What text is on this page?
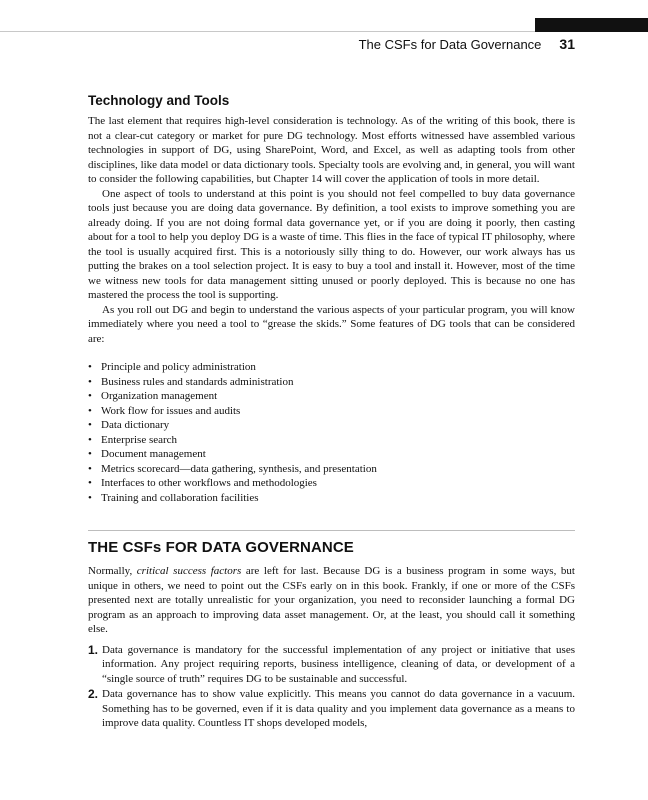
The CSFs for Data Governance 31
Technology and Tools

The last element that requires high-level consideration is technology. As of the writing of this book, there is not a clear-cut category or market for pure DG technology. Most efforts witnessed have assembled various technologies in support of DG, using SharePoint, Word, and Excel, as well as adapting tools from other disciplines, like data model or data dictionary tools. Specialty tools are evolving and, in general, you will want to consider the following capabilities, but Chapter 14 will cover the application of tools in more detail.

One aspect of tools to understand at this point is you should not feel compelled to buy data governance tools just because you are doing data governance. By definition, a tool exists to improve something you are already doing. If you are not doing formal data governance yet, or if you are doing it poorly, then casting about for a tool to help you deploy DG is a waste of time. This flies in the face of typical IT philosophy, where the tool is usually acquired first. This is a notoriously silly thing to do. However, our work always has us putting the brakes on a tool selection project. It is easy to buy a tool and install it. However, most of the time we witness new tools for data management sitting unused or poorly deployed. This is because no one has mastered the process the tool is supporting.

As you roll out DG and begin to understand the various aspects of your particular program, you will know immediately where you need a tool to “grease the skids.” Some features of DG tools that can be considered are:

• Principle and policy administration
• Business rules and standards administration
• Organization management
• Work flow for issues and audits
• Data dictionary
• Enterprise search
• Document management
• Metrics scorecard—data gathering, synthesis, and presentation
• Interfaces to other workflows and methodologies
• Training and collaboration facilities
THE CSFs FOR DATA GOVERNANCE

Normally, critical success factors are left for last. Because DG is a business program in some ways, but unique in others, we need to point out the CSFs early on in this book. Frankly, if one or more of the CSFs presented next are totally unrealistic for your organization, you need to reconsider launching a formal DG program as an approach to improving data asset management. Or, at the least, you should call it something else.

1. Data governance is mandatory for the successful implementation of any project or initiative that uses information. Any project requiring reports, business intelligence, cleaning of data, or development of a “single source of truth” requires DG to be sustainable and successful.
2. Data governance has to show value explicitly. This means you cannot do data governance in a vacuum. Something has to be governed, even if it is data quality and you implement data governance as a means to improve data quality. Countless IT shops developed models,
